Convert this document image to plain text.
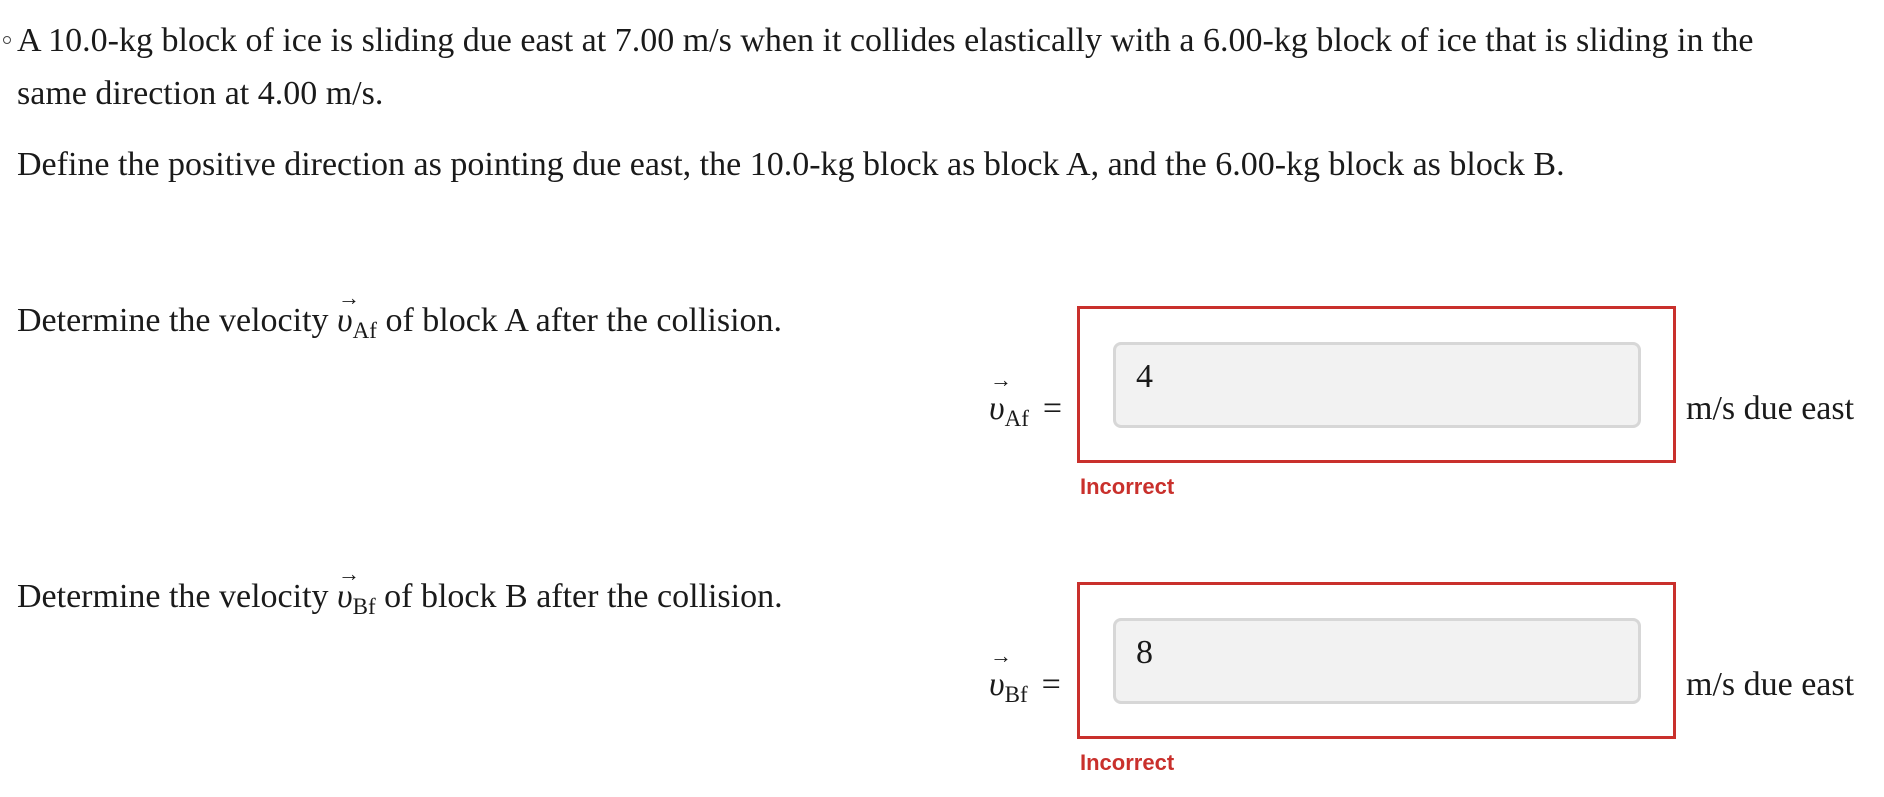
A 10.0-kg block of ice is sliding due east at 7.00 m/s when it collides elastically with a 6.00-kg block of ice that is sliding in the
same direction at 4.00 m/s.
Define the positive direction as pointing due east, the 10.0-kg block as block A, and the 6.00-kg block as block B.
Determine the velocity → $\upsilon_{Af}$ of block A after the collision.
→ $\upsilon_{Af}$ =
4
m/s due east
Incorrect
Determine the velocity → $\upsilon_{Bf}$ of block B after the collision.
→ $\upsilon_{Bf}$ =
8
m/s due east
Incorrect
